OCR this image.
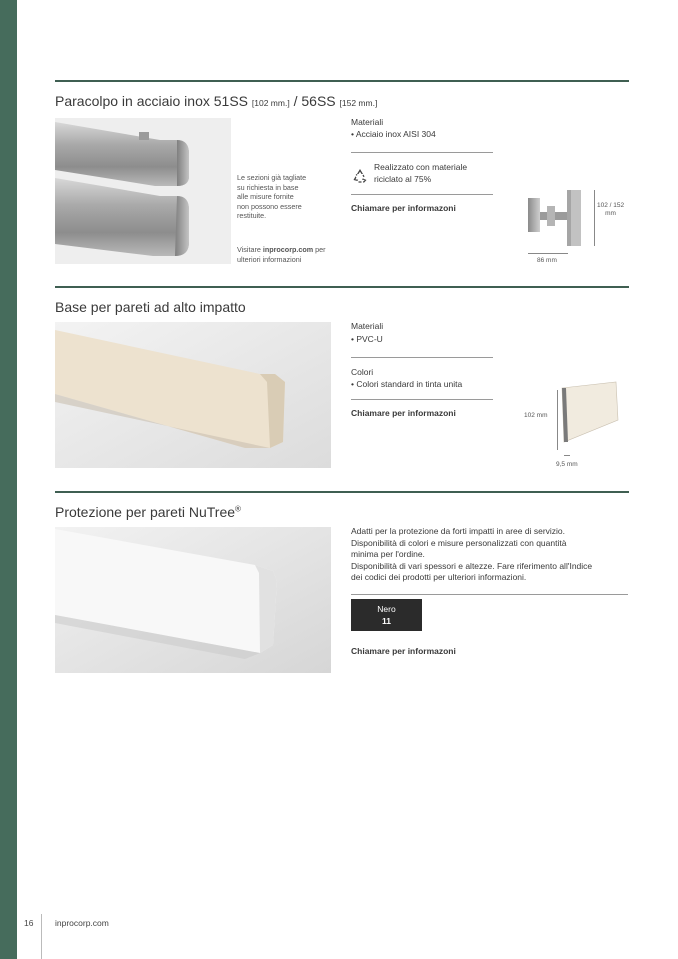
Paracolpo in acciaio inox 51SS [102 mm.] / 56SS [152 mm.]
Le sezioni già tagliate
su richiesta in base
alle misure fornite
non possono essere
restituite.
Visitare inprocorp.com per
ulteriori informazioni
Materiali
• Acciaio inox AISI 304
Realizzato con materiale
riciclato al 75%
Chiamare per informazoni	102 / 152
mm
86 mm
Base per pareti ad alto impatto
Materiali
• PVC-U
Colori
• Colori standard in tinta unita
Chiamare per informazoni	102 mm
9,5 mm
Protezione per pareti NuTree®
Adatti per la protezione da forti impatti in aree di servizio.
Disponibilità di colori e misure personalizzati con quantità
minima per l'ordine.
Disponibilità di vari spessori e altezze. Fare riferimento all'Indice
dei codici dei prodotti per ulteriori informazioni.
Nero
11
Chiamare per informazoni
16	inprocorp.com
